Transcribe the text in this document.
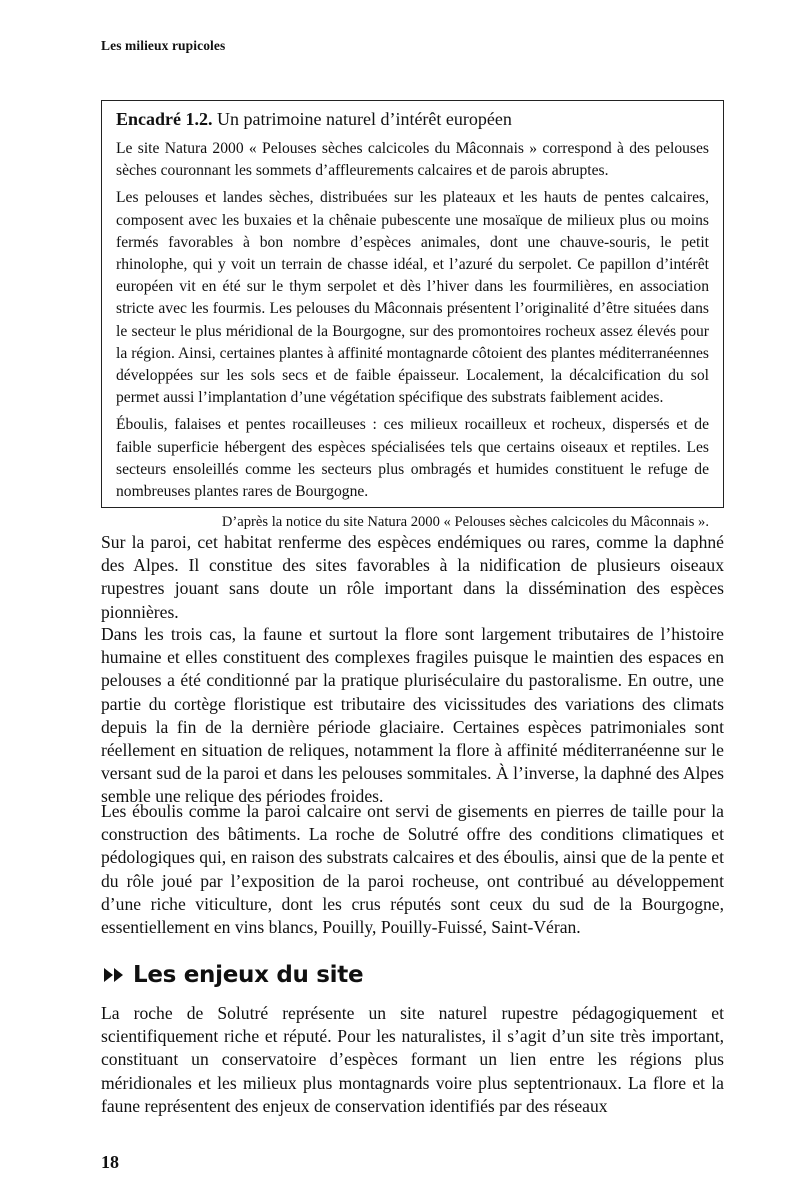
Les milieux rupicoles
Encadré 1.2. Un patrimoine naturel d’intérêt européen

Le site Natura 2000 « Pelouses sèches calcicoles du Mâconnais » correspond à des pelouses sèches couronnant les sommets d’affleurements calcaires et de parois abruptes.

Les pelouses et landes sèches, distribuées sur les plateaux et les hauts de pentes calcaires, composent avec les buxaies et la chênaie pubescente une mosaïque de milieux plus ou moins fermés favorables à bon nombre d’espèces animales, dont une chauve-souris, le petit rhinolophe, qui y voit un terrain de chasse idéal, et l’azuré du serpolet. Ce papillon d’intérêt européen vit en été sur le thym serpolet et dès l’hiver dans les fourmilières, en association stricte avec les fourmis. Les pelouses du Mâconnais présentent l’originalité d’être situées dans le secteur le plus méridional de la Bourgogne, sur des promontoires rocheux assez élevés pour la région. Ainsi, certaines plantes à affinité montagnarde côtoient des plantes méditerranéennes développées sur les sols secs et de faible épaisseur. Localement, la décalcification du sol permet aussi l’implantation d’une végétation spécifique des substrats faiblement acides.

Éboulis, falaises et pentes rocailleuses : ces milieux rocailleux et rocheux, dispersés et de faible superficie hébergent des espèces spécialisées tels que certains oiseaux et reptiles. Les secteurs ensoleillés comme les secteurs plus ombragés et humides constituent le refuge de nombreuses plantes rares de Bourgogne.

D’après la notice du site Natura 2000 « Pelouses sèches calcicoles du Mâconnais ».

Sur la paroi, cet habitat renferme des espèces endémiques ou rares, comme la daphné des Alpes. Il constitue des sites favorables à la nidification de plusieurs oiseaux rupestres jouant sans doute un rôle important dans la dissémination des espèces pionnières.

Dans les trois cas, la faune et surtout la flore sont largement tributaires de l’histoire humaine et elles constituent des complexes fragiles puisque le maintien des espaces en pelouses a été conditionné par la pratique pluriséculaire du pastoralisme. En outre, une partie du cortège floristique est tributaire des vicissitudes des variations des climats depuis la fin de la dernière période glaciaire. Certaines espèces patrimoniales sont réellement en situation de reliques, notamment la flore à affinité méditerranéenne sur le versant sud de la paroi et dans les pelouses sommitales. À l’inverse, la daphné des Alpes semble une relique des périodes froides.

Les éboulis comme la paroi calcaire ont servi de gisements en pierres de taille pour la construction des bâtiments. La roche de Solutré offre des conditions climatiques et pédologiques qui, en raison des substrats calcaires et des éboulis, ainsi que de la pente et du rôle joué par l’exposition de la paroi rocheuse, ont contribué au développement d’une riche viticulture, dont les crus réputés sont ceux du sud de la Bourgogne, essentiellement en vins blancs, Pouilly, Pouilly-Fuissé, Saint-Véran.

Les enjeux du site

La roche de Solutré représente un site naturel rupestre pédagogiquement et scientifiquement riche et réputé. Pour les naturalistes, il s’agit d’un site très important, constituant un conservatoire d’espèces formant un lien entre les régions plus méridionales et les milieux plus montagnards voire plus septentrionaux. La flore et la faune représentent des enjeux de conservation identifiés par des réseaux

18
